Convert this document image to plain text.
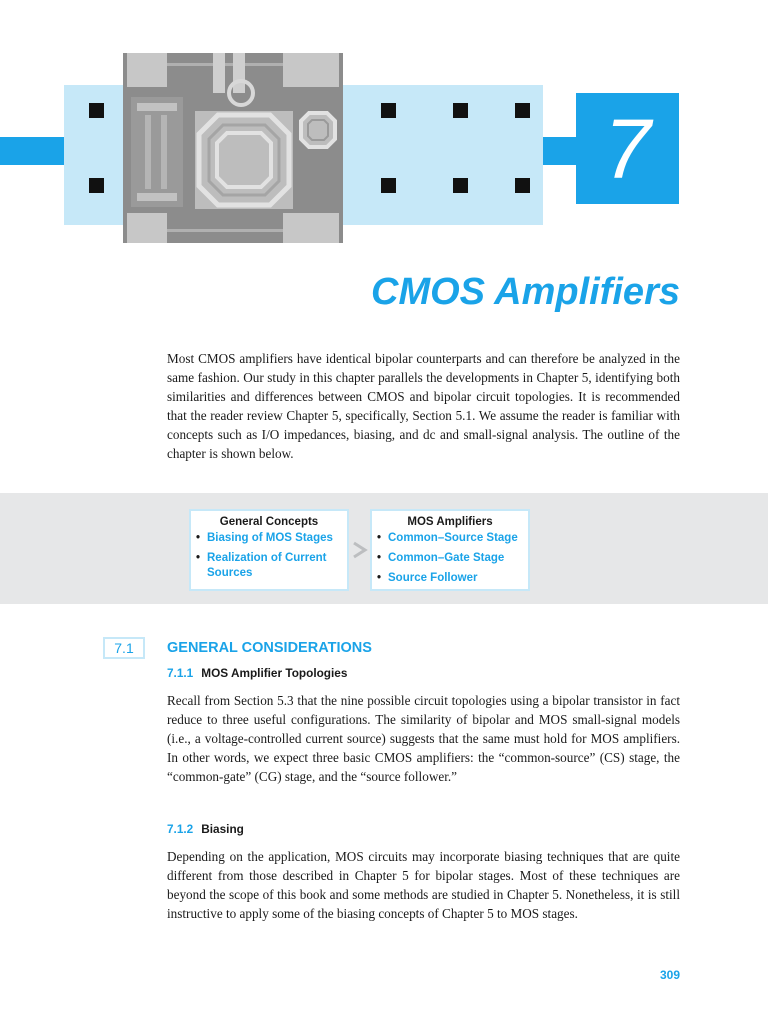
7
CMOS Amplifiers
Most CMOS amplifiers have identical bipolar counterparts and can therefore be analyzed in the same fashion. Our study in this chapter parallels the developments in Chapter 5, identifying both similarities and differences between CMOS and bipolar circuit topologies. It is recommended that the reader review Chapter 5, specifically, Section 5.1. We assume the reader is familiar with concepts such as I/O impedances, biasing, and dc and small-signal analysis. The outline of the chapter is shown below.
General Concepts
• Biasing of MOS Stages
• Realization of Current Sources
MOS Amplifiers
• Common–Source Stage
• Common–Gate Stage
• Source Follower
7.1	GENERAL CONSIDERATIONS
7.1.1 MOS Amplifier Topologies
Recall from Section 5.3 that the nine possible circuit topologies using a bipolar transistor in fact reduce to three useful configurations. The similarity of bipolar and MOS small-signal models (i.e., a voltage-controlled current source) suggests that the same must hold for MOS amplifiers. In other words, we expect three basic CMOS amplifiers: the “common-source” (CS) stage, the “common-gate” (CG) stage, and the “source follower.”
7.1.2 Biasing
Depending on the application, MOS circuits may incorporate biasing techniques that are quite different from those described in Chapter 5 for bipolar stages. Most of these techniques are beyond the scope of this book and some methods are studied in Chapter 5. Nonetheless, it is still instructive to apply some of the biasing concepts of Chapter 5 to MOS stages.
309
